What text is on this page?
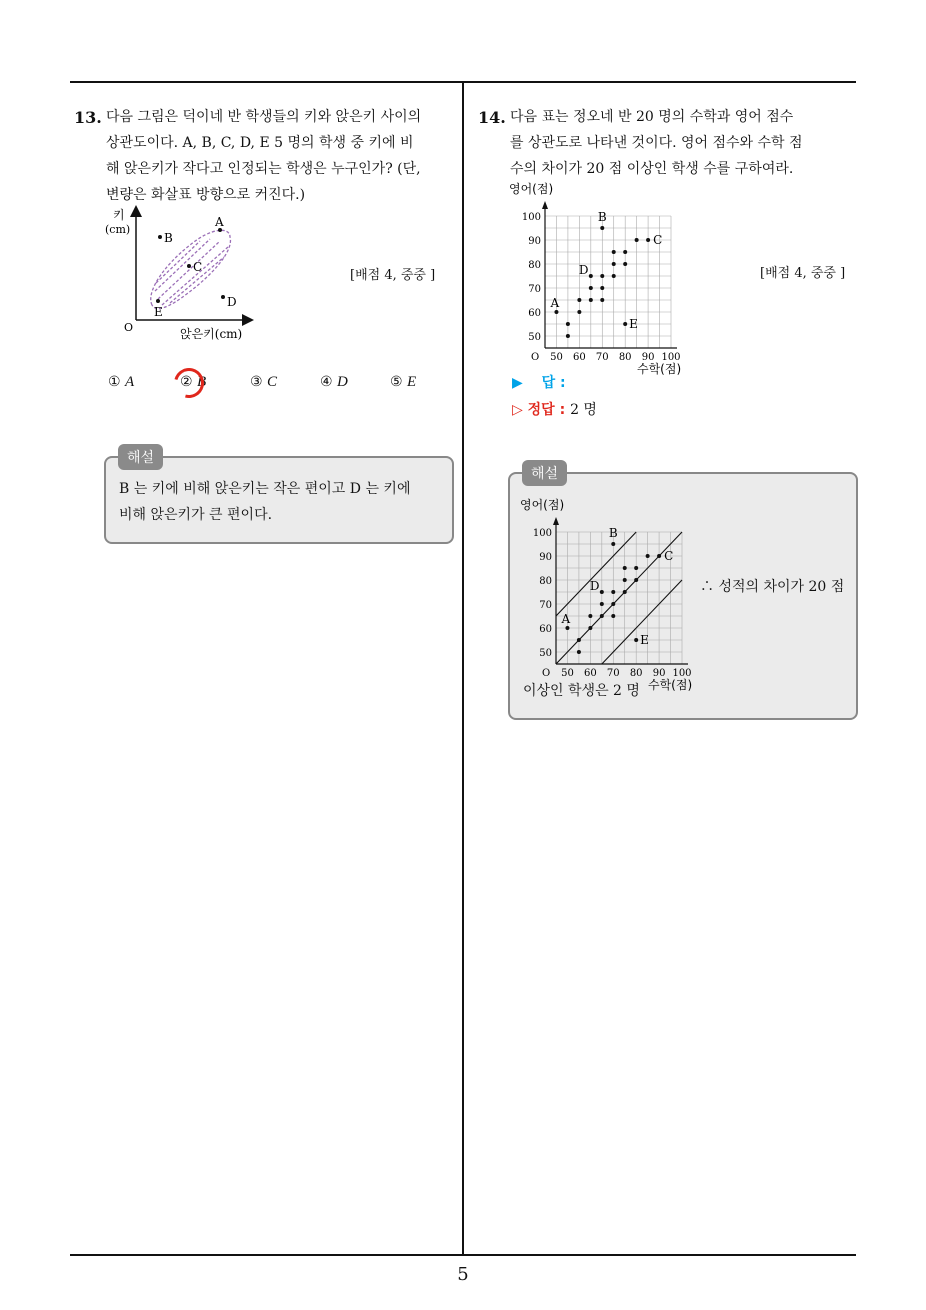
5
13. 다음 그림은 덕이네 반 학생들의 키와 앉은키 사이의
상관도이다. A, B, C, D, E 5 명의 학생 중 키에 비
해 앉은키가 작다고 인정되는 학생은 누구인가? (단,
변량은 화살표 방향으로 커진다.)
키
(cm)
O	앉은키(cm)
A
B
C
D
E
[배점 4, 중중 ]
① A	② B	③ C	④ D	⑤ E
B 는 키에 비해 앉은키는 작은 편이고 D 는 키에
비해 앉은키가 큰 편이다.
해설
14. 다음 표는 정오네 반 20 명의 수학과 영어 점수
를 상관도로 나타낸 것이다. 영어 점수와 수학 점
수의 차이가 20 점 이상인 학생 수를 구하여라.
50
60
70
80
90
100
50 60 70 80 90 100
O
영어(점)
수학(점)
A
B
C
D
E
[배점 4, 중중 ]
▶ 답 :
▷ 정답 : 2 명
50
60
70
80
90
100
50 60 70 80 90 100
O
영어(점)
수학(점)
A
B
C
D
E
∴ 성적의 차이가 20 점
이상인 학생은 2 명
해설
